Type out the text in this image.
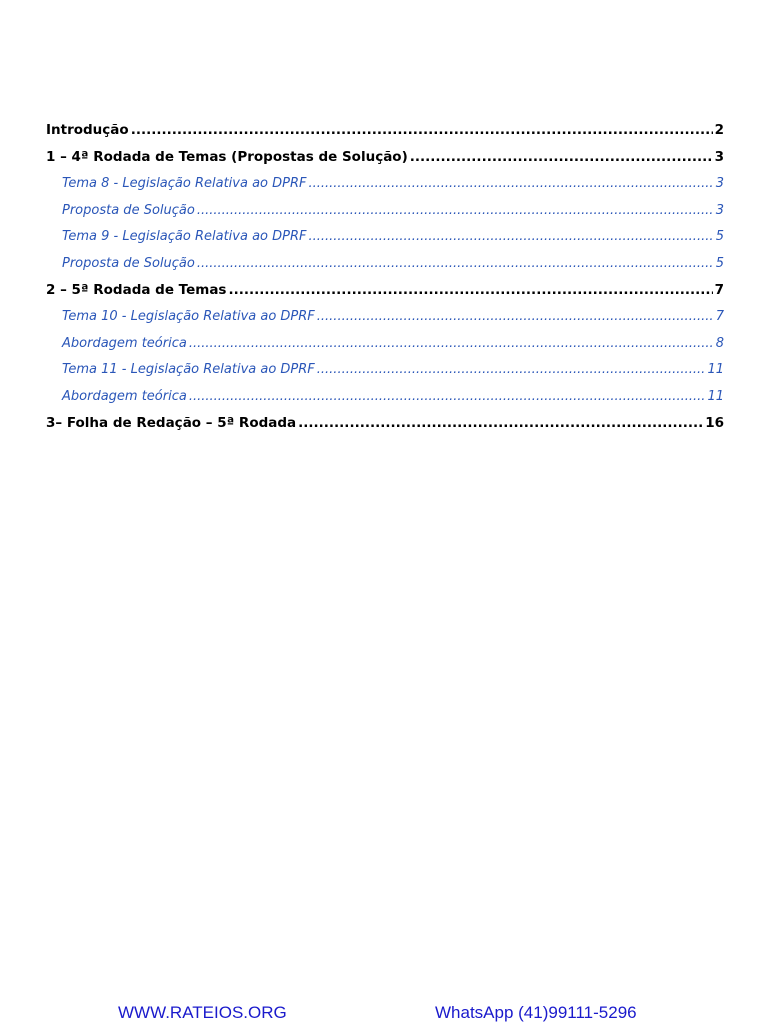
Introdução .....	2
1 – 4ª Rodada de Temas (Propostas de Solução) .....	3
Tema 8 - Legislação Relativa ao DPRF .....	3
Proposta de Solução .....	3
Tema 9 - Legislação Relativa ao DPRF .....	5
Proposta de Solução .....	5
2 – 5ª Rodada de Temas .....	7
Tema 10 - Legislação Relativa ao DPRF .....	7
Abordagem teórica .....	8
Tema 11 - Legislação Relativa ao DPRF .....	11
Abordagem teórica .....	11
3– Folha de Redação – 5ª Rodada .....	16
WWW.RATEIOS.ORG	WhatsApp (41)99111-5296
